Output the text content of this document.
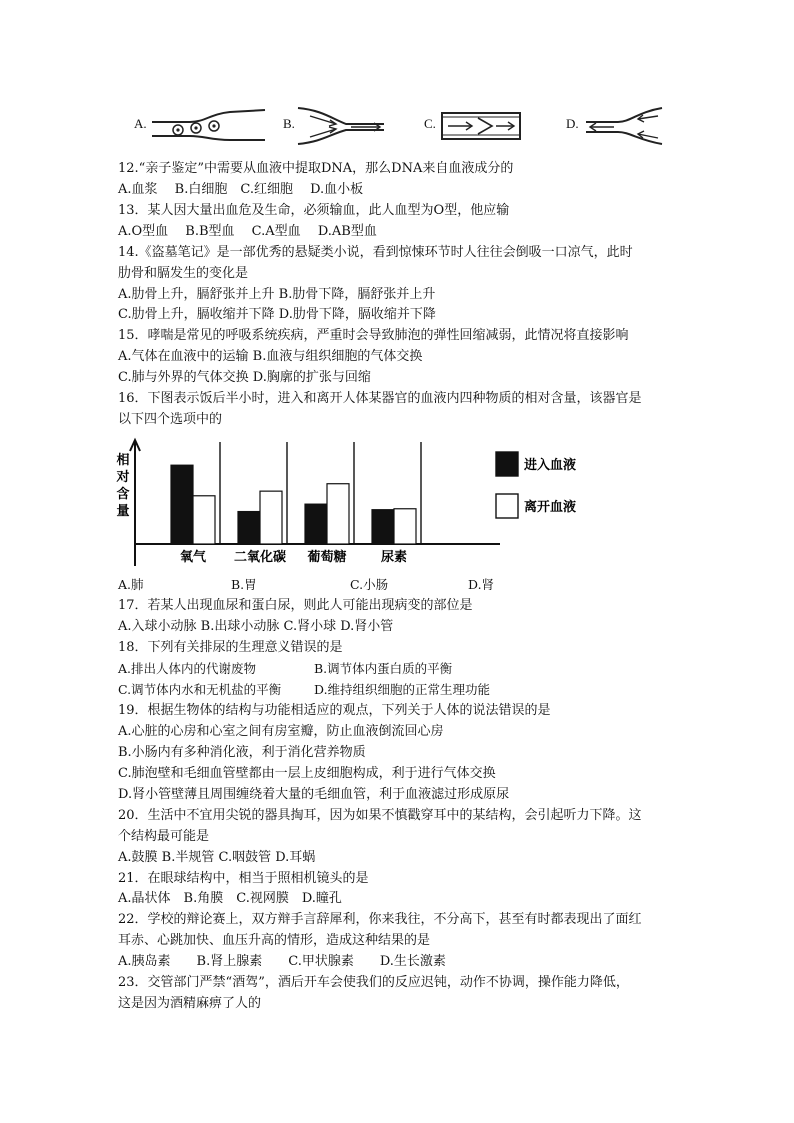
A.	B.	C.	D.
12.“亲子鉴定”中需要从血液中提取DNA，那么DNA来自血液成分的
A.血浆　 B.白细胞　C.红细胞　 D.血小板
13．某人因大量出血危及生命，必须输血，此人血型为O型，他应输
A.O型血　 B.B型血　 C.A型血　 D.AB型血
14.《盗墓笔记》是一部优秀的悬疑类小说，看到惊悚环节时人往往会倒吸一口凉气，此时
肋骨和膈发生的变化是
A.肋骨上升，膈舒张并上升 B.肋骨下降，膈舒张并上升
C.肋骨上升，膈收缩并下降 D.肋骨下降，膈收缩并下降
15．哮喘是常见的呼吸系统疾病，严重时会导致肺泡的弹性回缩减弱，此情况将直接影响
A.气体在血液中的运输 B.血液与组织细胞的气体交换
C.肺与外界的气体交换 D.胸廓的扩张与回缩
16．下图表示饭后半小时，进入和离开人体某器官的血液内四种物质的相对含量，该器官是
以下四个选项中的
相
对
含
量
氧气 二氧化碳 葡萄糖	尿素
进入血液
离开血液
A.肺	B.胃	C.小肠	D.肾
17．若某人出现血尿和蛋白尿，则此人可能出现病变的部位是
A.入球小动脉 B.出球小动脉 C.肾小球 D.肾小管
18．下列有关排尿的生理意义错误的是
A.排出人体内的代谢废物	B.调节体内蛋白质的平衡
C.调节体内水和无机盐的平衡	D.维持组织细胞的正常生理功能
19．根据生物体的结构与功能相适应的观点，下列关于人体的说法错误的是
A.心脏的心房和心室之间有房室瓣，防止血液倒流回心房
B.小肠内有多种消化液，利于消化营养物质
C.肺泡壁和毛细血管壁都由一层上皮细胞构成，利于进行气体交换
D.肾小管壁薄且周围缠绕着大量的毛细血管，利于血液滤过形成原尿
20．生活中不宜用尖锐的器具掏耳，因为如果不慎戳穿耳中的某结构，会引起听力下降。这
个结构最可能是
A.鼓膜 B.半规管 C.咽鼓管 D.耳蜗
21．在眼球结构中，相当于照相机镜头的是
A.晶状体　B.角膜　C.视网膜　D.瞳孔
22．学校的辩论赛上，双方辩手言辞犀利，你来我往，不分高下，甚至有时都表现出了面红
耳赤、心跳加快、血压升高的情形，造成这种结果的是
A.胰岛素　　B.肾上腺素　　C.甲状腺素　　D.生长激素
23．交管部门严禁“酒驾”，酒后开车会使我们的反应迟钝，动作不协调，操作能力降低，
这是因为酒精麻痹了人的
